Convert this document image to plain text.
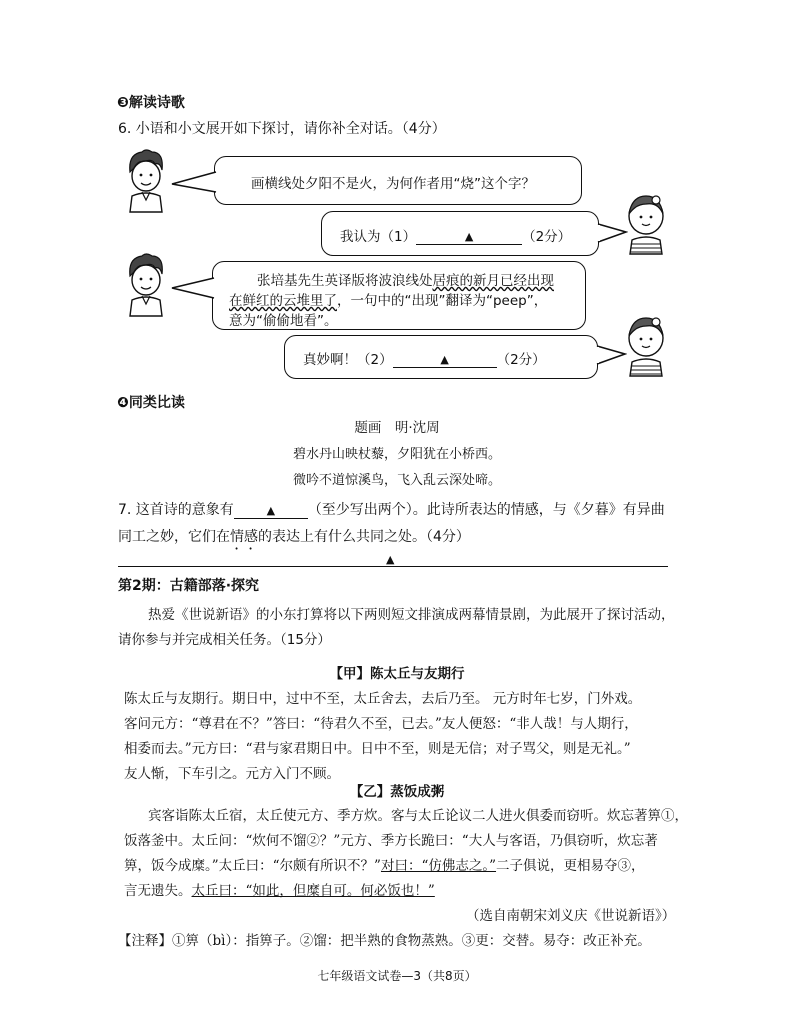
❸解读诗歌
6. 小语和小文展开如下探讨，请你补全对话。（4分）
画横线处夕阳不是火，为何作者用“烧”这个字？
我认为（1）	▲	（2分）
张培基先生英译版将波浪线处居痕的新月已经出现
在鲜红的云堆里了，一句中的“出现”翻译为“peep”，
意为“偷偷地看”。
真妙啊！（2）	▲	（2分）
❹同类比读
题画　明·沈周
碧水丹山映杖藜，夕阳犹在小桥西。
微吟不道惊溪鸟，飞入乱云深处啼。
7. 这首诗的意象有	▲ （至少写出两个）。此诗所表达的情感，与《夕暮》有异曲
同工之妙，它们在情感的表达上有什么共同之处。（4分）
▲
第2期：古籍部落·探究
热爱《世说新语》的小东打算将以下两则短文排演成两幕情景剧，为此展开了探讨活动，
请你参与并完成相关任务。（15分）
【甲】陈太丘与友期行
陈太丘与友期行。期日中，过中不至，太丘舍去，去后乃至。 元方时年七岁，门外戏。
客问元方：“尊君在不？”答曰：“待君久不至，已去。”友人便怒：“非人哉！与人期行，
相委而去。”元方曰：“君与家君期日中。日中不至，则是无信；对子骂父，则是无礼。”
友人惭，下车引之。元方入门不顾。
【乙】蒸饭成粥
宾客诣陈太丘宿，太丘使元方、季方炊。客与太丘论议二人进火俱委而窃听。炊忘著箅①，
饭落釜中。太丘问：“炊何不馏②？”元方、季方长跪曰：“大人与客语，乃俱窃听，炊忘著
箅，饭今成糜。”太丘曰：“尔颇有所识不？”对曰：“仿佛志之。”二子俱说，更相易夺③，
言无遗失。太丘曰：“如此，但糜自可。何必饭也！”
（选自南朝宋刘义庆《世说新语》）
【注释】①箅（bì）：指箅子。②馏：把半熟的食物蒸熟。③更：交替。易夺：改正补充。
七年级语文试卷—3（共8页）
